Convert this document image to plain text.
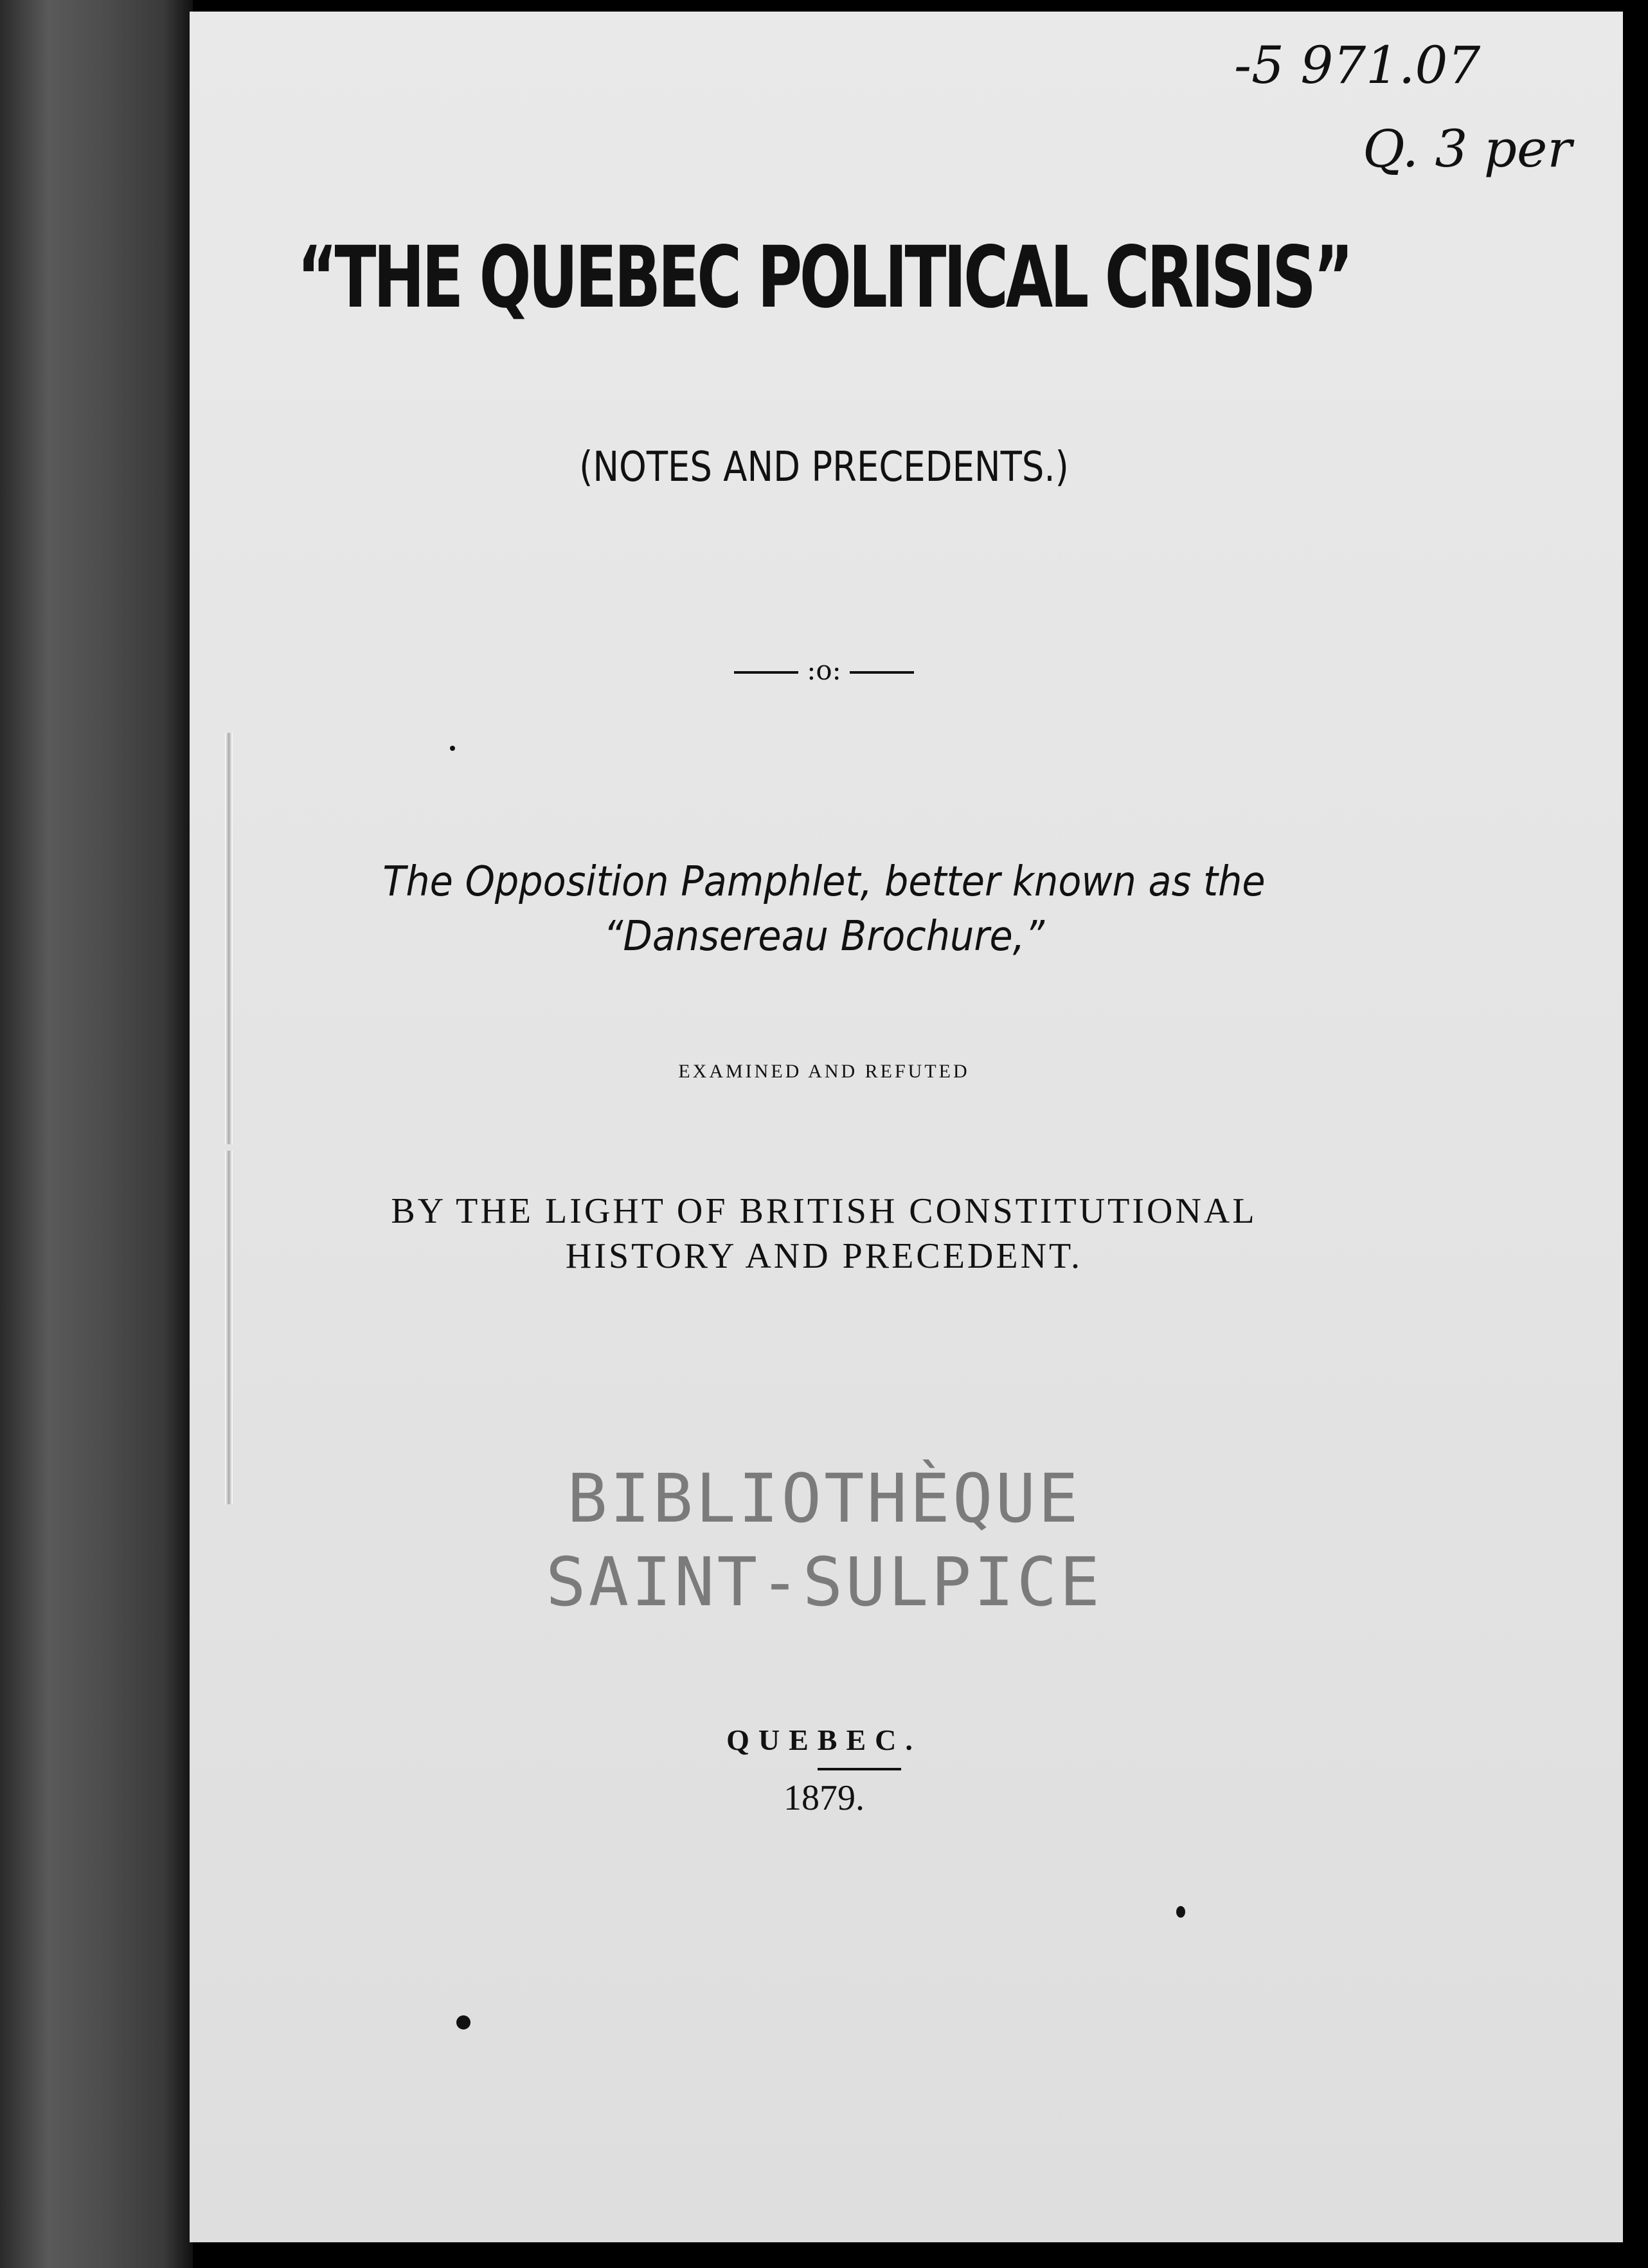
-5 971.07
Q. 3 per
“THE QUEBEC POLITICAL CRISIS”
(NOTES AND PRECEDENTS.)
:o:
The Opposition Pamphlet, better known as the
“Dansereau Brochure,”
EXAMINED AND REFUTED
BY THE LIGHT OF BRITISH CONSTITUTIONAL
HISTORY AND PRECEDENT.
BIBLIOTHÈQUE
SAINT-SULPICE
QUEBEC.
1879.
